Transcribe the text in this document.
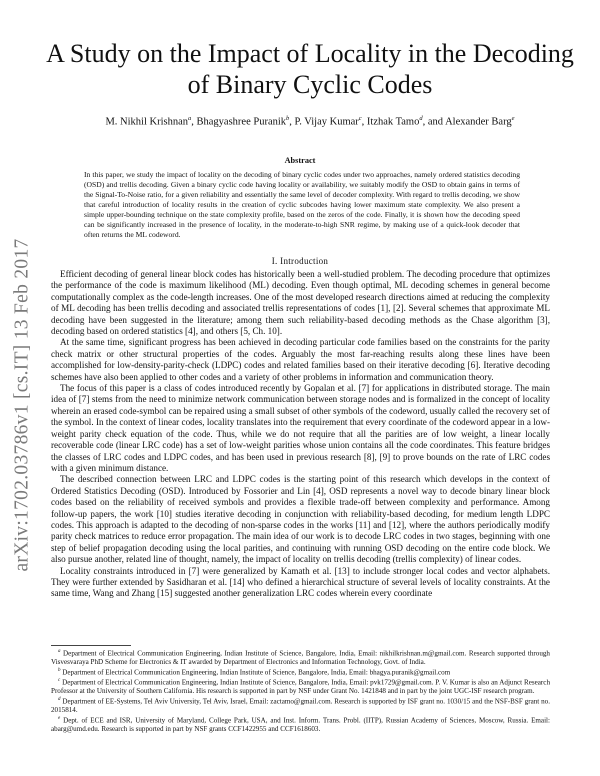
arXiv:1702.03786v1 [cs.IT] 13 Feb 2017
A Study on the Impact of Locality in the Decoding of Binary Cyclic Codes
M. Nikhil Krishnan$^a$, Bhagyashree Puranik$^b$, P. Vijay Kumar$^c$, Itzhak Tamo$^d$, and Alexander Barg$^e$
Abstract

In this paper, we study the impact of locality on the decoding of binary cyclic codes under two approaches, namely ordered statistics decoding (OSD) and trellis decoding. Given a binary cyclic code having locality or availability, we suitably modify the OSD to obtain gains in terms of the Signal-To-Noise ratio, for a given reliability and essentially the same level of decoder complexity. With regard to trellis decoding, we show that careful introduction of locality results in the creation of cyclic subcodes having lower maximum state complexity. We also present a simple upper-bounding technique on the state complexity profile, based on the zeros of the code. Finally, it is shown how the decoding speed can be significantly increased in the presence of locality, in the moderate-to-high SNR regime, by making use of a quick-look decoder that often returns the ML codeword.

I. Introduction

Efficient decoding of general linear block codes has historically been a well-studied problem. The decoding procedure that optimizes the performance of the code is maximum likelihood (ML) decoding. Even though optimal, ML decoding schemes in general become computationally complex as the code-length increases. One of the most developed research directions aimed at reducing the complexity of ML decoding has been trellis decoding and associated trellis representations of codes [1], [2]. Several schemes that approximate ML decoding have been suggested in the literature; among them such reliability-based decoding methods as the Chase algorithm [3], decoding based on ordered statistics [4], and others [5, Ch. 10].

At the same time, significant progress has been achieved in decoding particular code families based on the constraints for the parity check matrix or other structural properties of the codes. Arguably the most far-reaching results along these lines have been accomplished for low-density-parity-check (LDPC) codes and related families based on their iterative decoding [6]. Iterative decoding schemes have also been applied to other codes and a variety of other problems in information and communication theory.

The focus of this paper is a class of codes introduced recently by Gopalan et al. [7] for applications in distributed storage. The main idea of [7] stems from the need to minimize network communication between storage nodes and is formalized in the concept of locality wherein an erased code-symbol can be repaired using a small subset of other symbols of the codeword, usually called the recovery set of the symbol. In the context of linear codes, locality translates into the requirement that every coordinate of the codeword appear in a low-weight parity check equation of the code. Thus, while we do not require that all the parities are of low weight, a linear locally recoverable code (linear LRC code) has a set of low-weight parities whose union contains all the code coordinates. This feature bridges the classes of LRC codes and LDPC codes, and has been used in previous research [8], [9] to prove bounds on the rate of LRC codes with a given minimum distance.

The described connection between LRC and LDPC codes is the starting point of this research which develops in the context of Ordered Statistics Decoding (OSD). Introduced by Fossorier and Lin [4], OSD represents a novel way to decode binary linear block codes based on the reliability of received symbols and provides a flexible trade-off between complexity and performance. Among follow-up papers, the work [10] studies iterative decoding in conjunction with reliability-based decoding, for medium length LDPC codes. This approach is adapted to the decoding of non-sparse codes in the works [11] and [12], where the authors periodically modify parity check matrices to reduce error propagation. The main idea of our work is to decode LRC codes in two stages, beginning with one step of belief propagation decoding using the local parities, and continuing with running OSD decoding on the entire code block. We also pursue another, related line of thought, namely, the impact of locality on trellis decoding (trellis complexity) of linear codes.

Locality constraints introduced in [7] were generalized by Kamath et al. [13] to include stronger local codes and vector alphabets. They were further extended by Sasidharan et al. [14] who defined a hierarchical structure of several levels of locality constraints. At the same time, Wang and Zhang [15] suggested another generalization LRC codes wherein every coordinate

$^a$ Department of Electrical Communication Engineering, Indian Institute of Science, Bangalore, India, Email: nikhilkrishnan.m@gmail.com. Research supported through Visvesvaraya PhD Scheme for Electronics & IT awarded by Department of Electronics and Information Technology, Govt. of India.

$^b$ Department of Electrical Communication Engineering, Indian Institute of Science, Bangalore, India, Email: bhagya.puranik@gmail.com

$^c$ Department of Electrical Communication Engineering, Indian Institute of Science, Bangalore, India, Email: pvk1729@gmail.com. P. V. Kumar is also an Adjunct Research Professor at the University of Southern California. His research is supported in part by NSF under Grant No. 1421848 and in part by the joint UGC-ISF research program.

$^d$ Department of EE-Systems, Tel Aviv University, Tel Aviv, Israel, Email: zactamo@gmail.com. Research is supported by ISF grant no. 1030/15 and the NSF-BSF grant no. 2015814.

$^e$ Dept. of ECE and ISR, University of Maryland, College Park, USA, and Inst. Inform. Trans. Probl. (IITP), Russian Academy of Sciences, Moscow, Russia. Email: abarg@umd.edu. Research is supported in part by NSF grants CCF1422955 and CCF1618603.
